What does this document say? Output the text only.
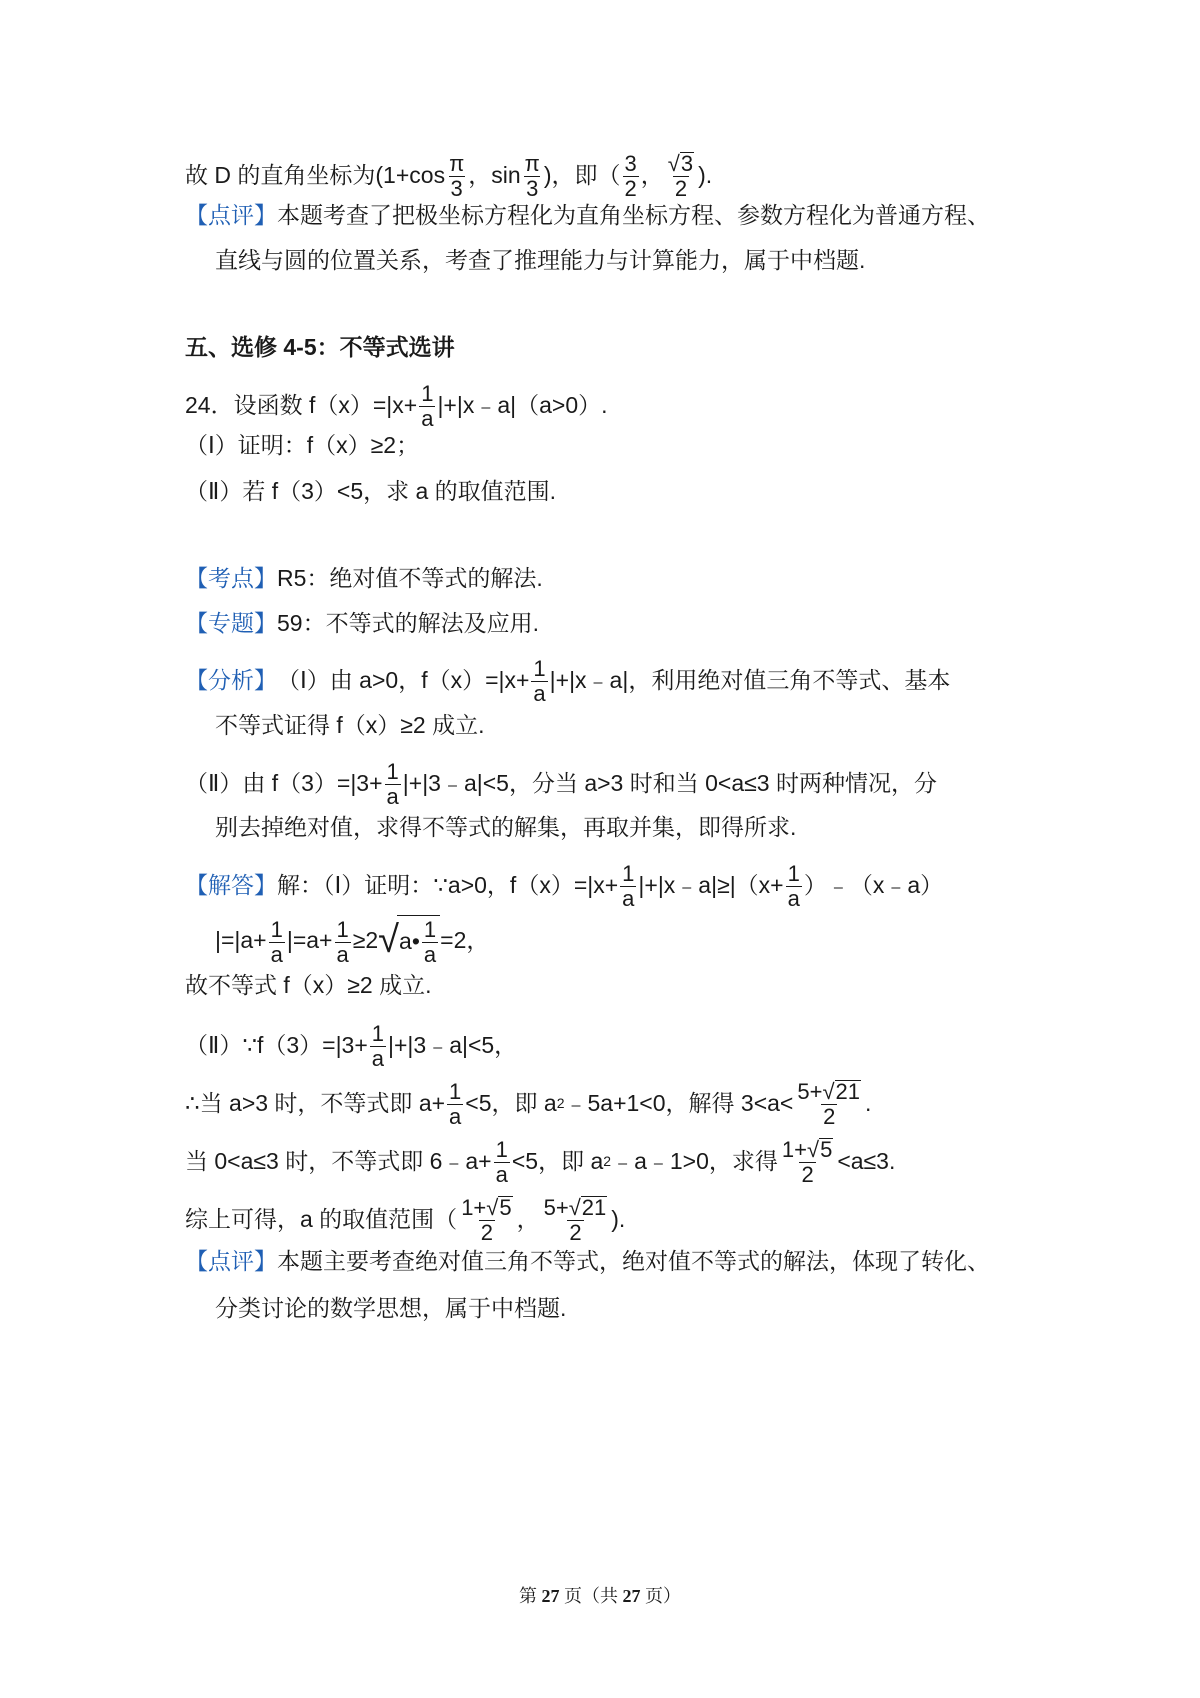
故 D 的直角坐标为 ($1+\cos \frac{\pi}{3}$ ， $\sin \frac{\pi}{3}$ )，即（ $\frac{3}{2}$ ， $\frac{√ 3}{2}$ ).
【点评】 本题考查了把极坐标方程化为直角坐标方程、参数方程化为普通方程、
直线与圆的位置关系，考查了推理能力与计算能力，属于中档题.
五、选修 4-5：不等式选讲
24．设函数 $f(x)=|x+ \frac{1}{a}$ |+|x﹣a|（a>0）.
（Ⅰ）证明：f（x）≥2；
（Ⅱ）若 f（3）<5，求 a 的取值范围.
【考点】 R5：绝对值不等式的解法.
【专题】 59：不等式的解法及应用.
【分析】 （Ⅰ）由 a>0，$f(x)=|x+ \frac{1}{a}$ |+|x﹣a|，利用绝对值三角不等式、基本
不等式证得 f（x）≥2 成立.
（Ⅱ）由 $f(3)=|3+ \frac{1}{a}$ |+|3﹣a|<5，分当 a>3 时和当 0<a≤3 时两种情况，分
别去掉绝对值，求得不等式的解集，再取并集，即得所求.
【解答】 解：（Ⅰ）证明：∵a>0，$f(x)=|x+ \frac{1}{a}$ |+|x﹣a|≥|（x+ $\frac{1}{a}$ ）﹣（x﹣a）
$|=|a+ \frac{1}{a} |=a+ \frac{1}{a} \ge 2$ √ a • $\frac{1}{a} =2$，
故不等式 f（x）≥2 成立.
（Ⅱ）∵f（3）=|3+ $\frac{1}{a}$ |+|3﹣a|<5，
∴当 a>3 时，不等式即 $a+ \frac{1}{a} <5$，即 a 2 ﹣5a+1<0，解得 $3<a< \frac{5+ √ 21}{2}$ .
当 0<a≤3 时，不等式即 6﹣a+ $\frac{1}{a} <5$，即 a 2 ﹣a﹣1>0，求得 $\frac{1+ √ 5}{2} <a\le 3$.
综上可得，a 的取值范围（ $\frac{1+ √ 5}{2}$ ， $\frac{5+ √ 21}{2}$ ).
【点评】 本题主要考查绝对值三角不等式，绝对值不等式的解法，体现了转化、
分类讨论的数学思想，属于中档题.
第 27 页（共 27 页）
